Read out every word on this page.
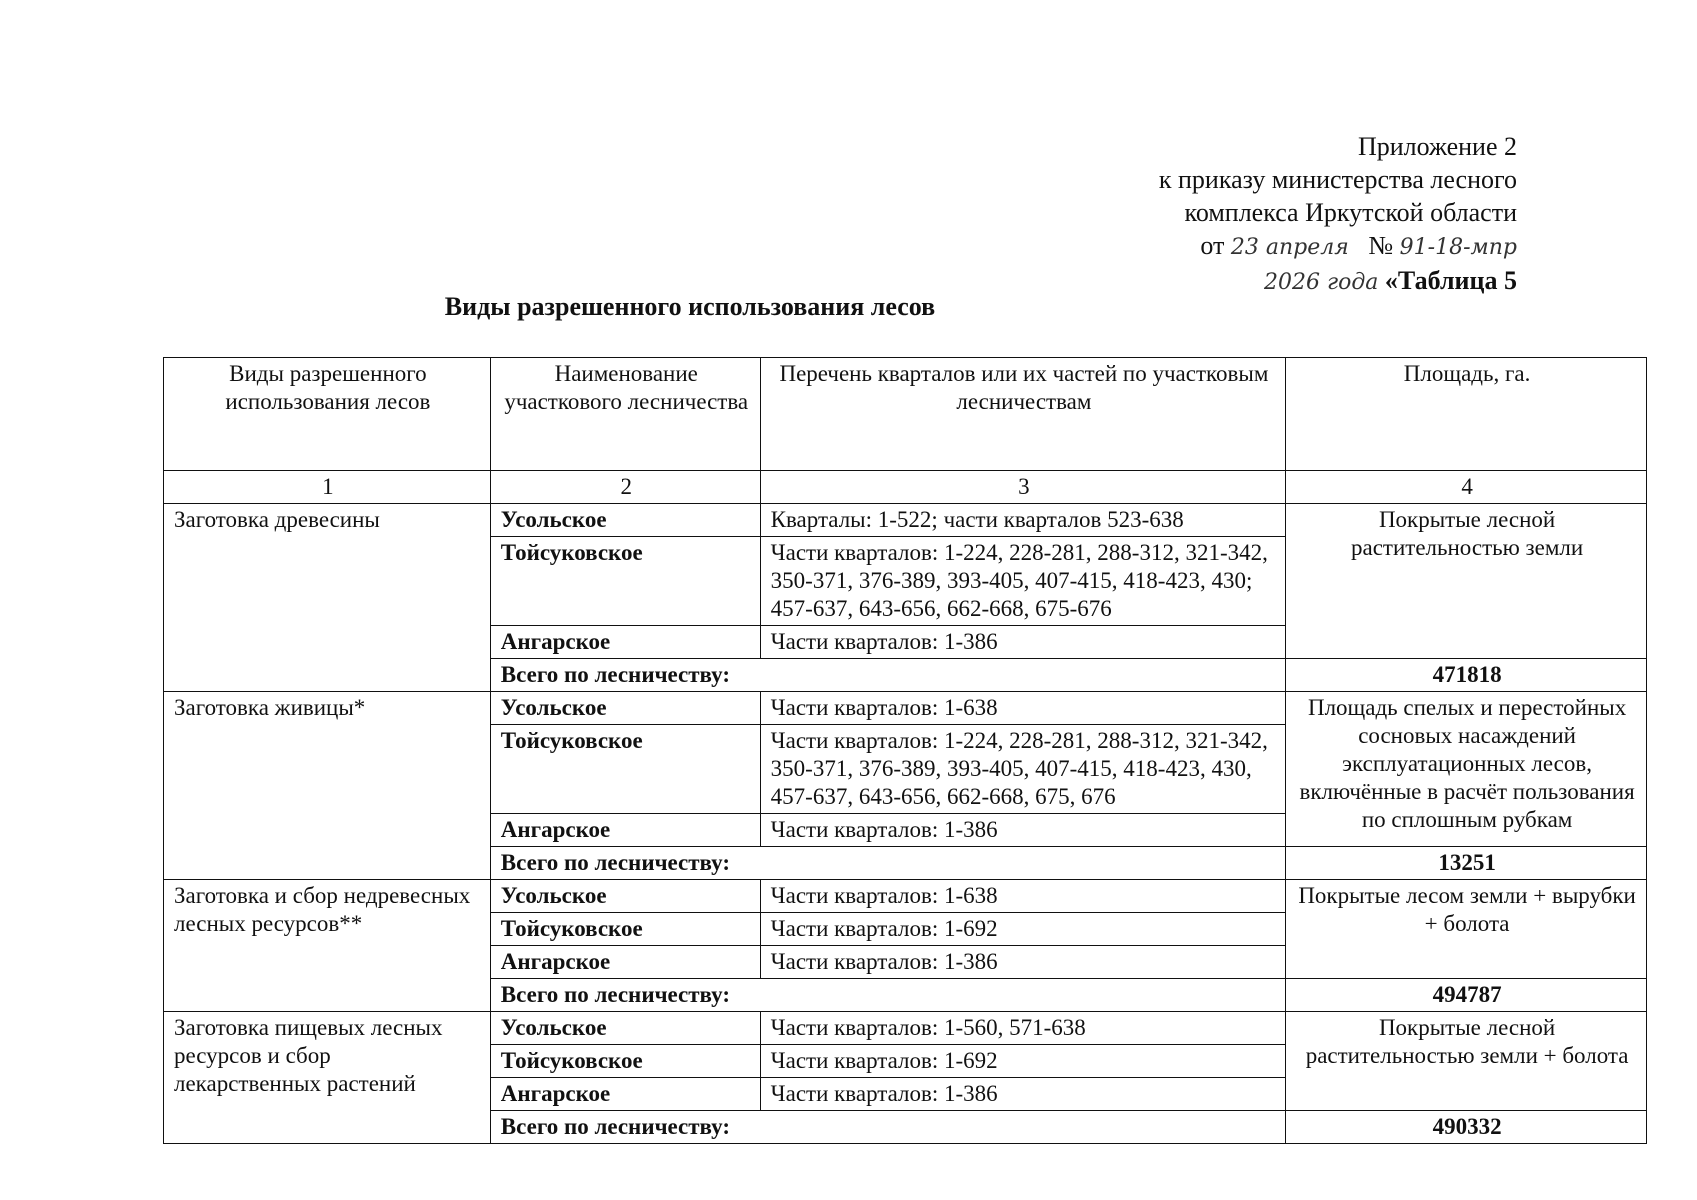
Приложение 2
к приказу министерства лесного
комплекса Иркутской области
от 23 апреля № 91-18-мпр
2026 года «Таблица 5
Виды разрешенного использования лесов
Виды разрешенного использования лесов	Наименование участкового лесничества	Перечень кварталов или их частей по участковым лесничествам	Площадь, га.
1	2	3	4
Заготовка древесины	Усольское	Кварталы: 1-522; части кварталов 523-638	Покрытые лесной растительностью земли
	Тойсуковское	Части кварталов: 1-224, 228-281, 288-312, 321-342, 350-371, 376-389, 393-405, 407-415, 418-423, 430; 457-637, 643-656, 662-668, 675-676	
	Ангарское	Части кварталов: 1-386	
	Всего по лесничеству:		471818
Заготовка живицы*	Усольское	Части кварталов: 1-638	Площадь спелых и перестойных сосновых насаждений эксплуатационных лесов, включённые в расчёт пользования по сплошным рубкам
	Тойсуковское	Части кварталов: 1-224, 228-281, 288-312, 321-342, 350-371, 376-389, 393-405, 407-415, 418-423, 430, 457-637, 643-656, 662-668, 675, 676	
	Ангарское	Части кварталов: 1-386	
	Всего по лесничеству:		13251
Заготовка и сбор недревесных лесных ресурсов**	Усольское	Части кварталов: 1-638	Покрытые лесом земли + вырубки + болота
	Тойсуковское	Части кварталов: 1-692	
	Ангарское	Части кварталов: 1-386	
	Всего по лесничеству:		494787
Заготовка пищевых лесных ресурсов и сбор лекарственных растений	Усольское	Части кварталов: 1-560, 571-638	Покрытые лесной растительностью земли + болота
	Тойсуковское	Части кварталов: 1-692	
	Ангарское	Части кварталов: 1-386	
	Всего по лесничеству:		490332
